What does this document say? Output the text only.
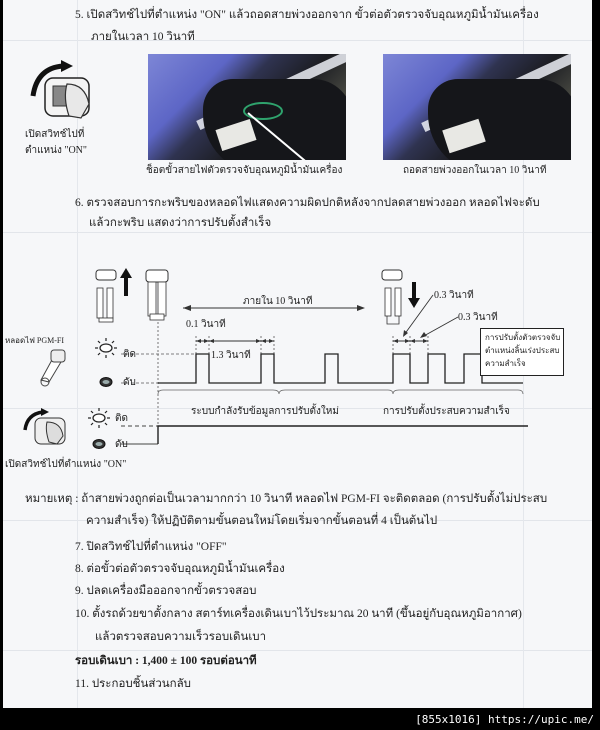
5. เปิดสวิทช์ไปที่ตำแหน่ง "ON" แล้วถอดสายพ่วงออกจาก ขั้วต่อตัวตรวจจับอุณหภูมิน้ำมันเครื่อง
ภายในเวลา 10 วินาที
เปิดสวิทช์ไปที่
ตำแหน่ง "ON"
ช็อตขั้วสายไฟตัวตรวจจับอุณหภูมิน้ำมันเครื่อง	ถอดสายพ่วงออกในเวลา 10 วินาที
6. ตรวจสอบการกะพริบของหลอดไฟแสดงความผิดปกติหลังจากปลดสายพ่วงออก หลอดไฟจะดับ
แล้วกะพริบ แสดงว่าการปรับตั้งสำเร็จ
ภายใน 10 วินาที
0.1 วินาที
1.3 วินาที
0.3 วินาที
0.3 วินาที
หลอดไฟ PGM-FI
ติด
ดับ
ติด
ดับ
การปรับตั้งตัวตรวจจับ
ตำแหน่งลิ้นเร่งประสบ
ความสำเร็จ
ระบบกำลังรับข้อมูลการปรับตั้งใหม่	การปรับตั้งประสบความสำเร็จ
เปิดสวิทช์ไปที่ตำแหน่ง "ON"
หมายเหตุ : ถ้าสายพ่วงถูกต่อเป็นเวลามากกว่า 10 วินาที หลอดไฟ PGM-FI จะติดตลอด (การปรับตั้งไม่ประสบ
ความสำเร็จ) ให้ปฏิบัติตามขั้นตอนใหม่โดยเริ่มจากขั้นตอนที่ 4 เป็นต้นไป
7. ปิดสวิทช์ไปที่ตำแหน่ง "OFF"
8. ต่อขั้วต่อตัวตรวจจับอุณหภูมิน้ำมันเครื่อง
9. ปลดเครื่องมือออกจากขั้วตรวจสอบ
10. ตั้งรถด้วยขาตั้งกลาง สตาร์ทเครื่องเดินเบาไว้ประมาณ 20 นาที (ขึ้นอยู่กับอุณหภูมิอากาศ)
แล้วตรวจสอบความเร็วรอบเดินเบา
รอบเดินเบา : 1,400 ± 100 รอบต่อนาที
11. ประกอบชิ้นส่วนกลับ
[855x1016] https://upic.me/
